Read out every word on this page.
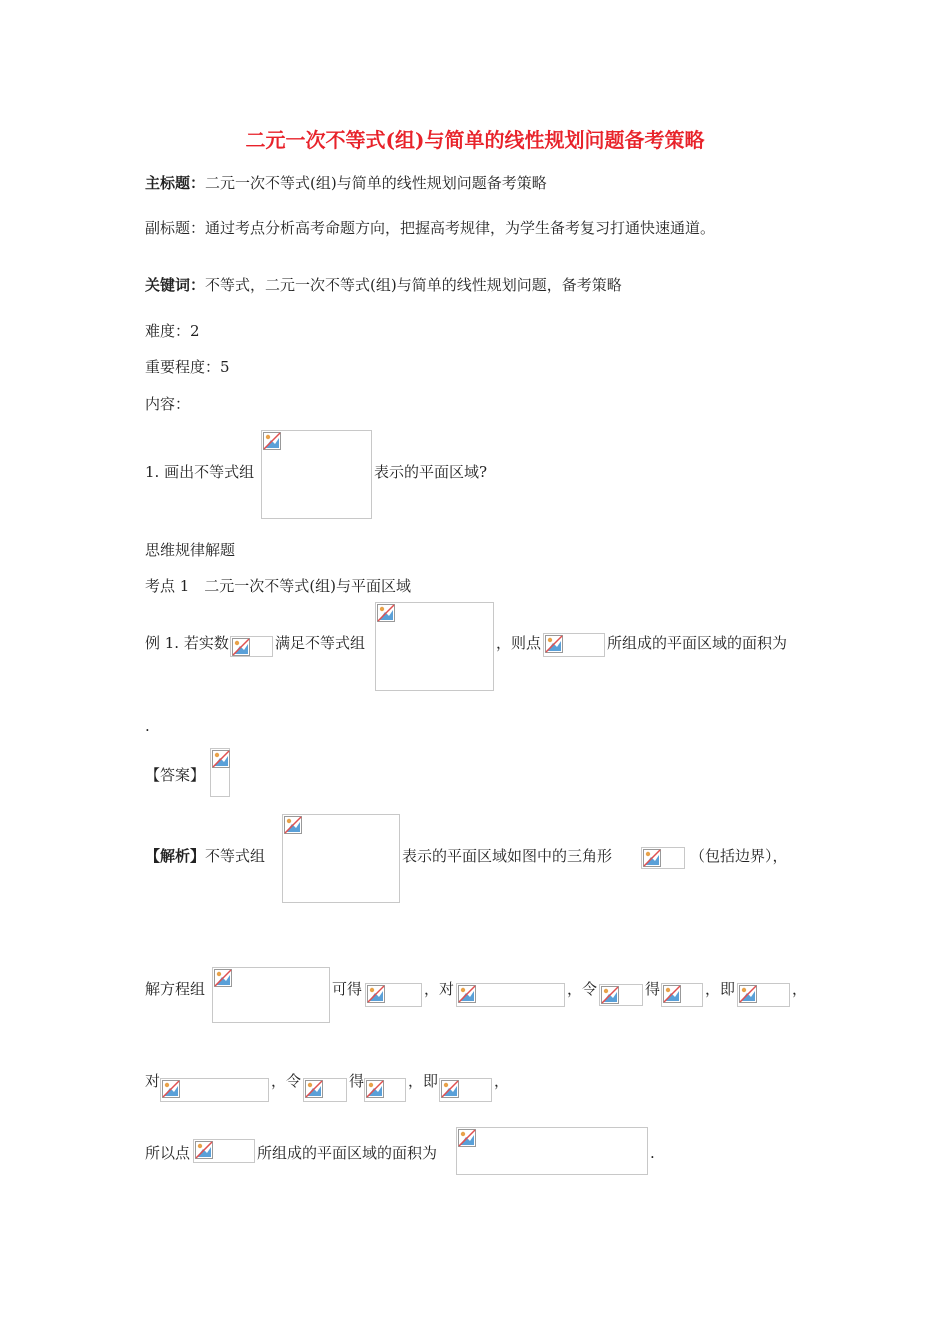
二元一次不等式(组)与简单的线性规划问题备考策略
主标题：二元一次不等式(组)与简单的线性规划问题备考策略
副标题：通过考点分析高考命题方向，把握高考规律，为学生备考复习打通快速通道。
关键词：不等式，二元一次不等式(组)与简单的线性规划问题，备考策略
难度：2
重要程度：5
内容：
1. 画出不等式组	表示的平面区域?
思维规律解题
考点 1　二元一次不等式(组)与平面区域
例 1. 若实数	满足不等式组	，则点	所组成的平面区域的面积为
.
【答案】
【解析】不等式组	表示的平面区域如图中的三角形	（包括边界），
解方程组	可得	，对	，令	得	，即	，
对	，令	得	，即	，
所以点	所组成的平面区域的面积为	.
